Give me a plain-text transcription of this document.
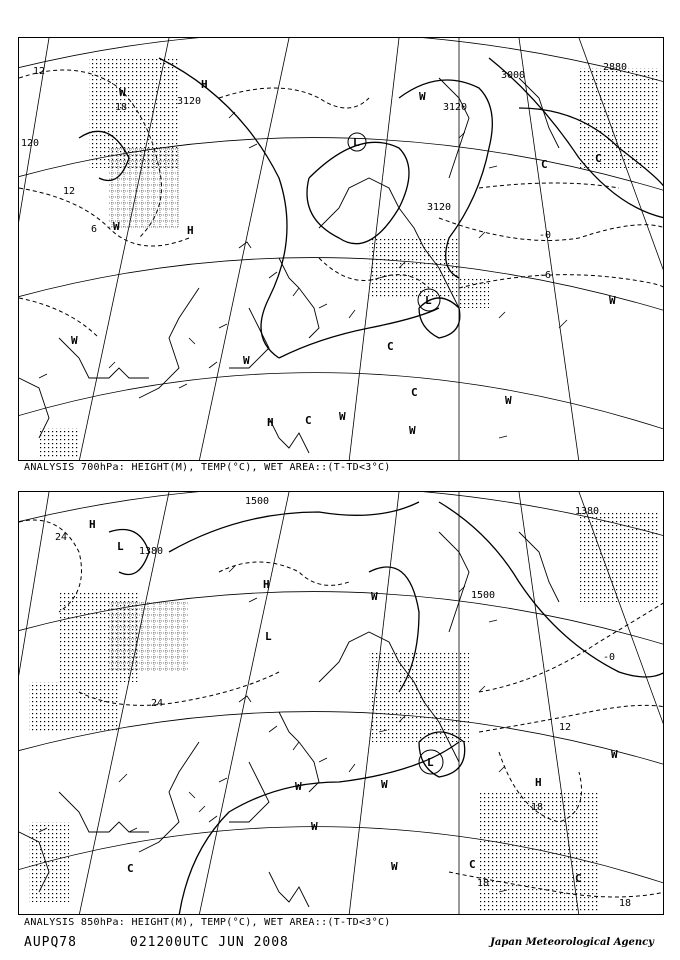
3120
3120
3120
3000
2880
12
12
18
-0
-6
120
6
H
H
L
W	W
W
C	C
C
C
W
W
W
L
H	C W
W
W
ANALYSIS 700hPa: HEIGHT(M), TEMP(°C), WET AREA::(T-TD<3°C)
1500
1380
1500
1380
24
24
12
-0
18
18
18
H
L
H
L
W
W	W
W
W
C	C
L
H
W
C
ANALYSIS 850hPa: HEIGHT(M), TEMP(°C), WET AREA::(T-TD<3°C)
AUPQ78	021200UTC JUN 2008	Japan Meteorological Agency
